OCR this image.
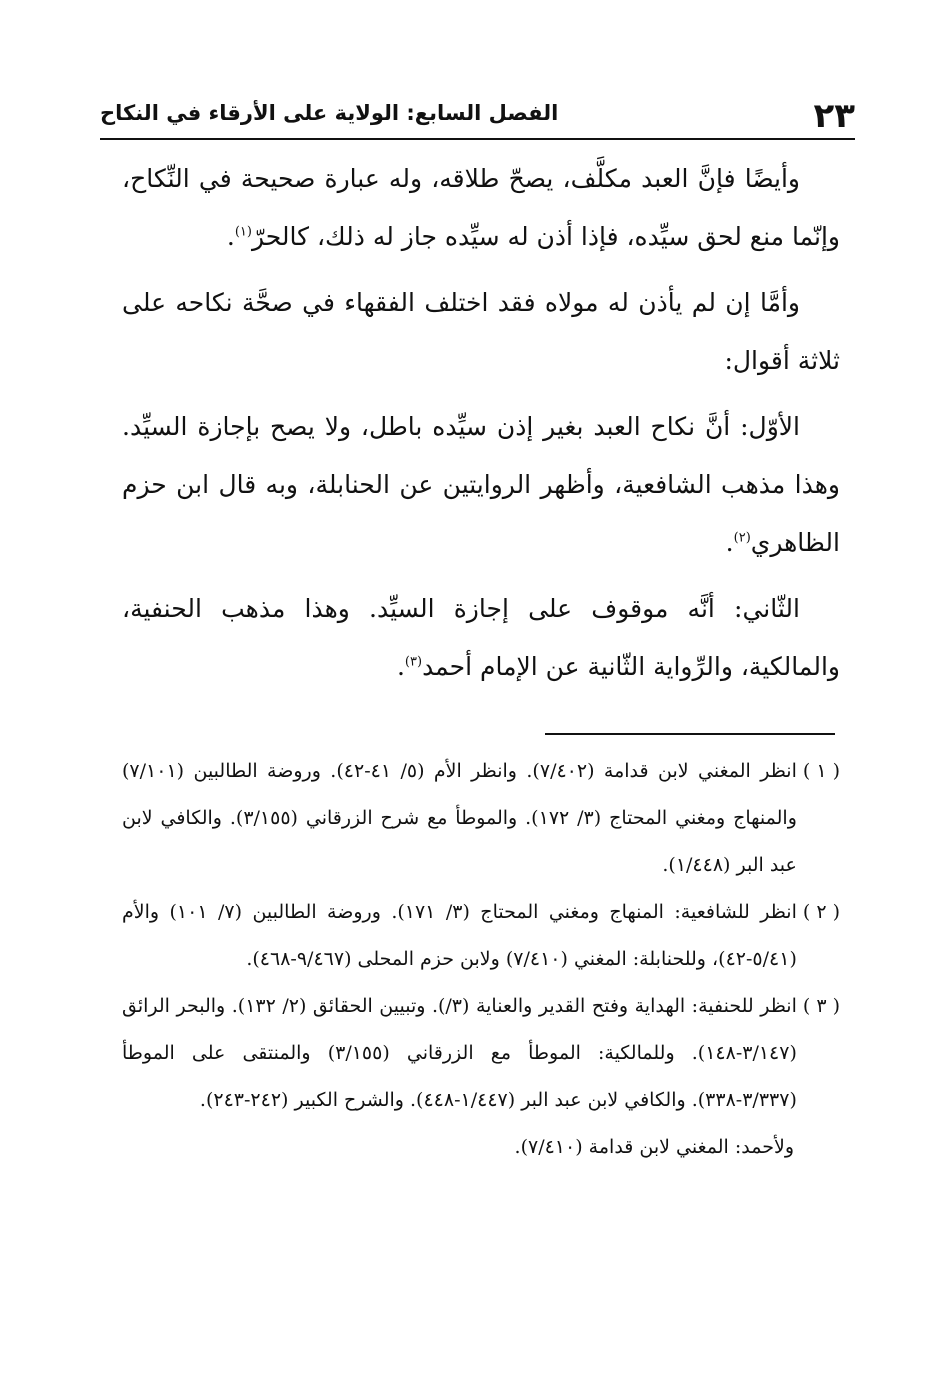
٢٣
الفصل السابع: الولاية على الأرقاء في النكاح

وأيضًا فإنَّ العبد مكلَّف، يصحّ طلاقه، وله عبارة صحيحة في النِّكاح، وإنّما منع لحق سيِّده، فإذا أذن له سيِّده جاز له ذلك، كالحرّ$^{(١)}$.

وأمَّا إن لم يأذن له مولاه فقد اختلف الفقهاء في صحَّة نكاحه على ثلاثة أقوال:

الأوّل: أنَّ نكاح العبد بغير إذن سيِّده باطل، ولا يصح بإجازة السيِّد. وهذا مذهب الشافعية، وأظهر الروايتين عن الحنابلة، وبه قال ابن حزم الظاهري$^{(٢)}$.

الثّاني: أنَّه موقوف على إجازة السيِّد. وهذا مذهب الحنفية، والمالكية، والرِّواية الثّانية عن الإمام أحمد$^{(٣)}$.

( ١ )
انظر المغني لابن قدامة (٧/٤٠٢). وانظر الأم (٥/ ٤١-٤٢). وروضة الطالبين (٧/١٠١) والمنهاج ومغني المحتاج (٣/ ١٧٢). والموطأ مع شرح الزرقاني (٣/١٥٥). والكافي لابن عبد البر (١/٤٤٨).
( ٢ )
انظر للشافعية: المنهاج ومغني المحتاج (٣/ ١٧١). وروضة الطالبين (٧/ ١٠١) والأم (٥/٤١-٤٢)، وللحنابلة: المغني (٧/٤١٠) ولابن حزم المحلى (٩/٤٦٧-٤٦٨).
( ٣ )
انظر للحنفية: الهداية وفتح القدير والعناية (٣/). وتبيين الحقائق (٢/ ١٣٢). والبحر الرائق (٣/١٤٧-١٤٨). وللمالكية: الموطأ مع الزرقاني (٣/١٥٥) والمنتقى على الموطأ (٣/٣٣٧-٣٣٨). والكافي لابن عبد البر (١/٤٤٧-٤٤٨). والشرح الكبير (٢٤٢-٢٤٣).

ولأحمد: المغني لابن قدامة (٧/٤١٠).
